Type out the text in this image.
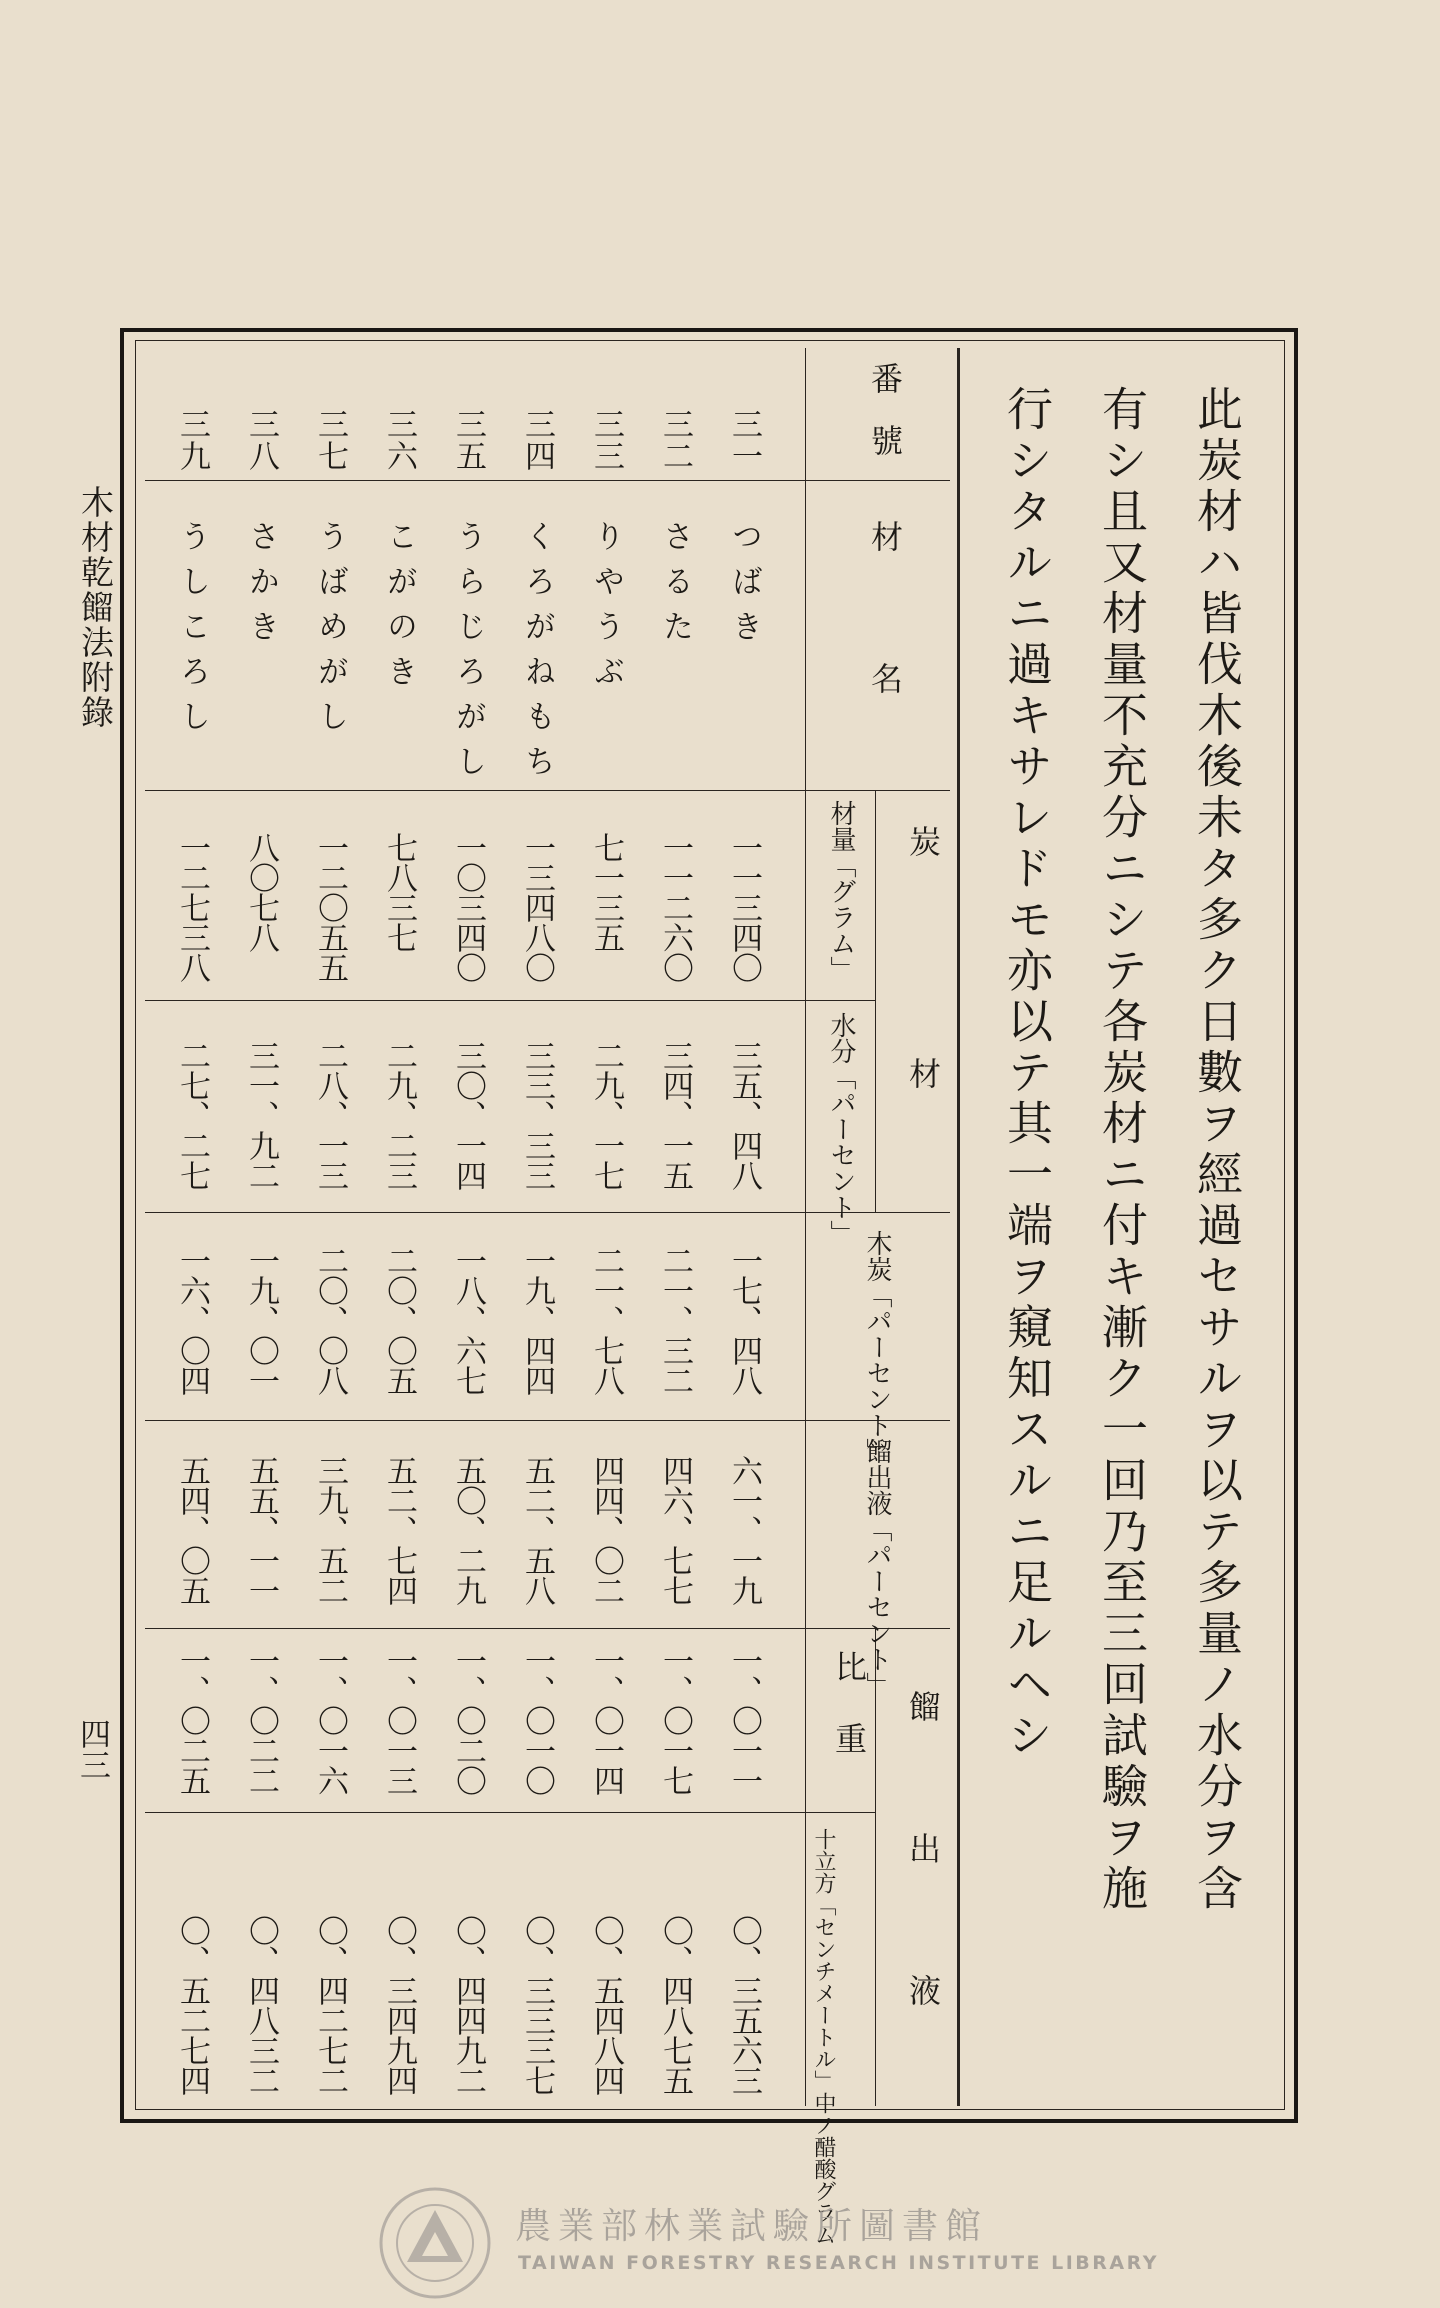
木材乾餾法附錄
四三	此炭材ハ皆伐木後未タ多ク日數ヲ經過セサルヲ以テ多量ノ水分ヲ含
有シ且又材量不充分ニシテ各炭材ニ付キ漸ク一回乃至三回試驗ヲ施
行シタルニ過キサレドモ亦以テ其一端ヲ窺知スルニ足ルヘシ
番號
材名
炭材
材量「グラム」
水分「パーセント」
木炭「パーセント」
餾出液「パーセント」
餾出液
比重
十立方「センチメートル」中ノ醋酸グラム
三一
つばき
一一三四〇
三五、四八
一七、四八
六一、一九
一、〇一一
〇、三五六三
三二
さるた
一一二六〇
三四、一五
二一、三二
四六、七七
一、〇一七
〇、四八七五
三三
りやうぶ
七一三五
二九、一七
二一、七八
四四、〇二
一、〇一四
〇、五四八四
三四
くろがねもち
一三四八〇
三三、三三
一九、四四
五二、五八
一、〇一〇
〇、三三三七
三五
うらじろがし
一〇三四〇
三〇、一四
一八、六七
五〇、二九
一、〇二〇
〇、四四九二
三六
こがのき
七八三七
二九、二三
二〇、〇五
五二、七四
一、〇一三
〇、三四九四
三七
うばめがし
一二〇五五
二八、一三
二〇、〇八
三九、五二
一、〇一六
〇、四二七二
三八
さかき
八〇七八
三一、九二
一九、〇一
五五、一一
一、〇二二
〇、四八三二
三九
うしころし
一二七三八
二七、二七
一六、〇四
五四、〇五
一、〇二五
〇、五二七四
農業部林業試驗所圖書館
TAIWAN FORESTRY RESEARCH INSTITUTE LIBRARY
